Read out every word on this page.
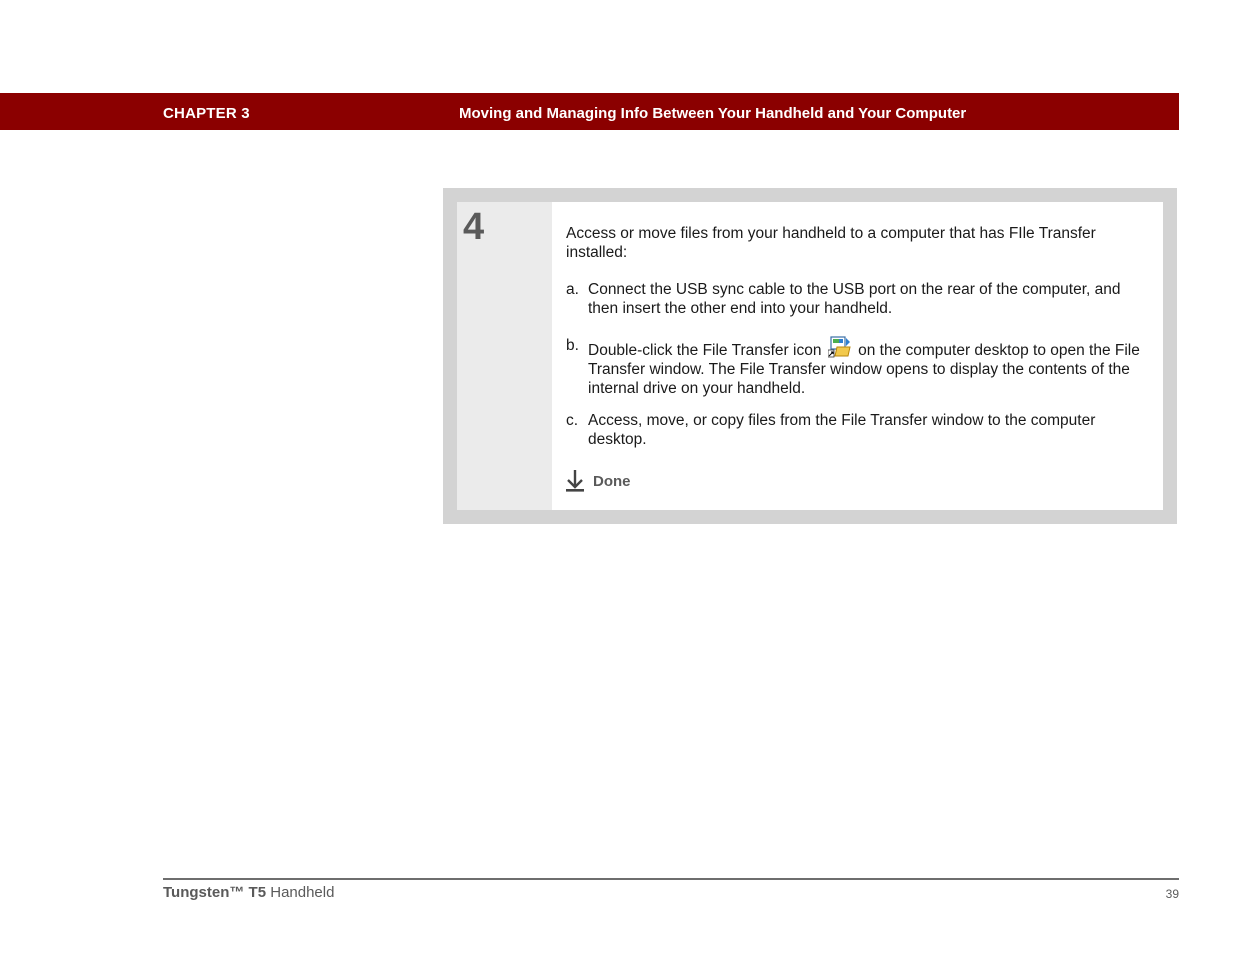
CHAPTER 3	Moving and Managing Info Between Your Handheld and Your Computer
4	Access or move files from your handheld to a computer that has FIle Transfer installed:
a. Connect the USB sync cable to the USB port on the rear of the computer, and then insert the other end into your handheld.
b. Double-click the File Transfer icon on the computer desktop to open the File Transfer window. The File Transfer window opens to display the contents of the internal drive on your handheld.
c. Access, move, or copy files from the File Transfer window to the computer desktop.
Done
Tungsten™ T5 Handheld	39
